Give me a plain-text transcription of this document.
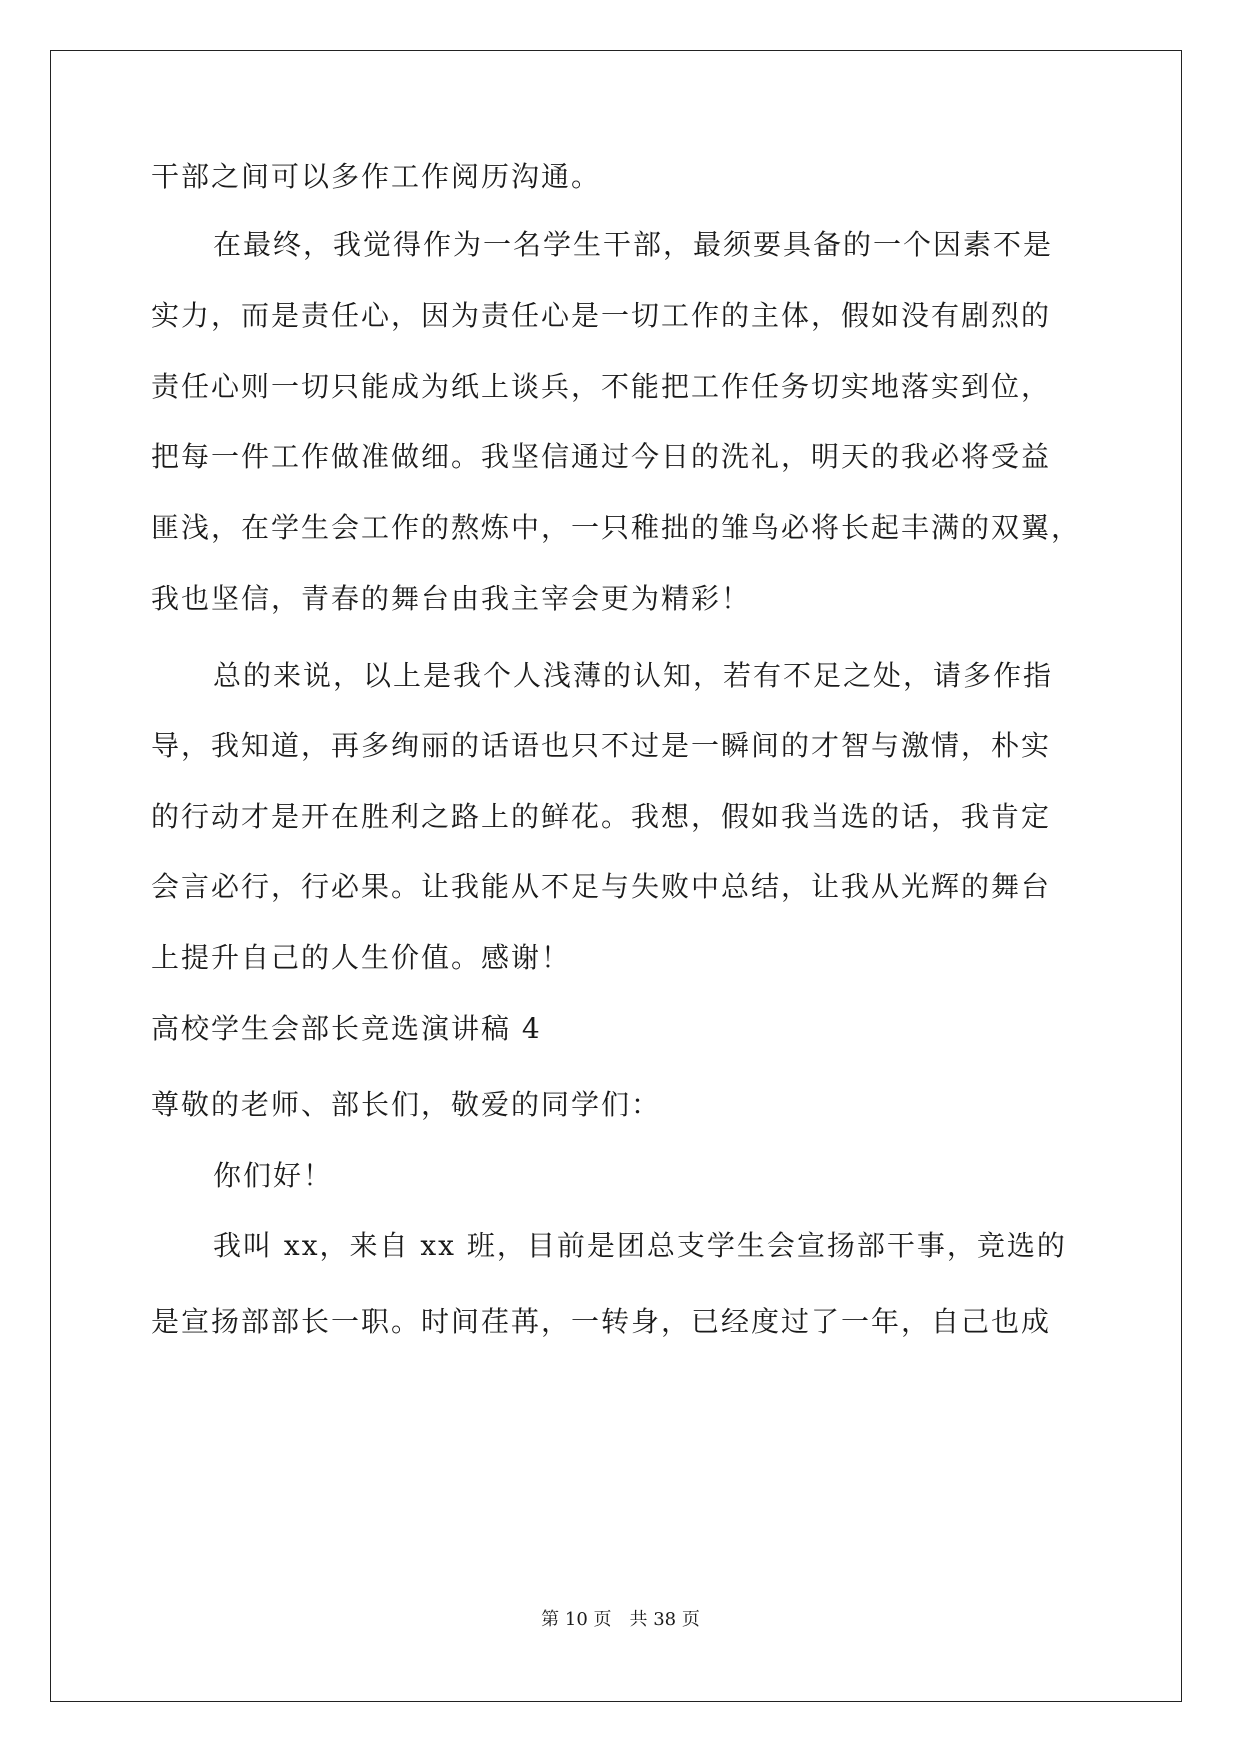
干部之间可以多作工作阅历沟通。
在最终，我觉得作为一名学生干部，最须要具备的一个因素不是
实力，而是责任心，因为责任心是一切工作的主体，假如没有剧烈的
责任心则一切只能成为纸上谈兵，不能把工作任务切实地落实到位，
把每一件工作做准做细。我坚信通过今日的洗礼，明天的我必将受益
匪浅，在学生会工作的熬炼中，一只稚拙的雏鸟必将长起丰满的双翼，
我也坚信，青春的舞台由我主宰会更为精彩！
总的来说，以上是我个人浅薄的认知，若有不足之处，请多作指
导，我知道，再多绚丽的话语也只不过是一瞬间的才智与激情，朴实
的行动才是开在胜利之路上的鲜花。我想，假如我当选的话，我肯定
会言必行，行必果。让我能从不足与失败中总结，让我从光辉的舞台
上提升自己的人生价值。感谢！
高校学生会部长竞选演讲稿 4
尊敬的老师、部长们，敬爱的同学们：
你们好！
我叫 xx，来自 xx 班，目前是团总支学生会宣扬部干事，竞选的
是宣扬部部长一职。时间荏苒，一转身，已经度过了一年，自己也成
第 10 页 共 38 页
